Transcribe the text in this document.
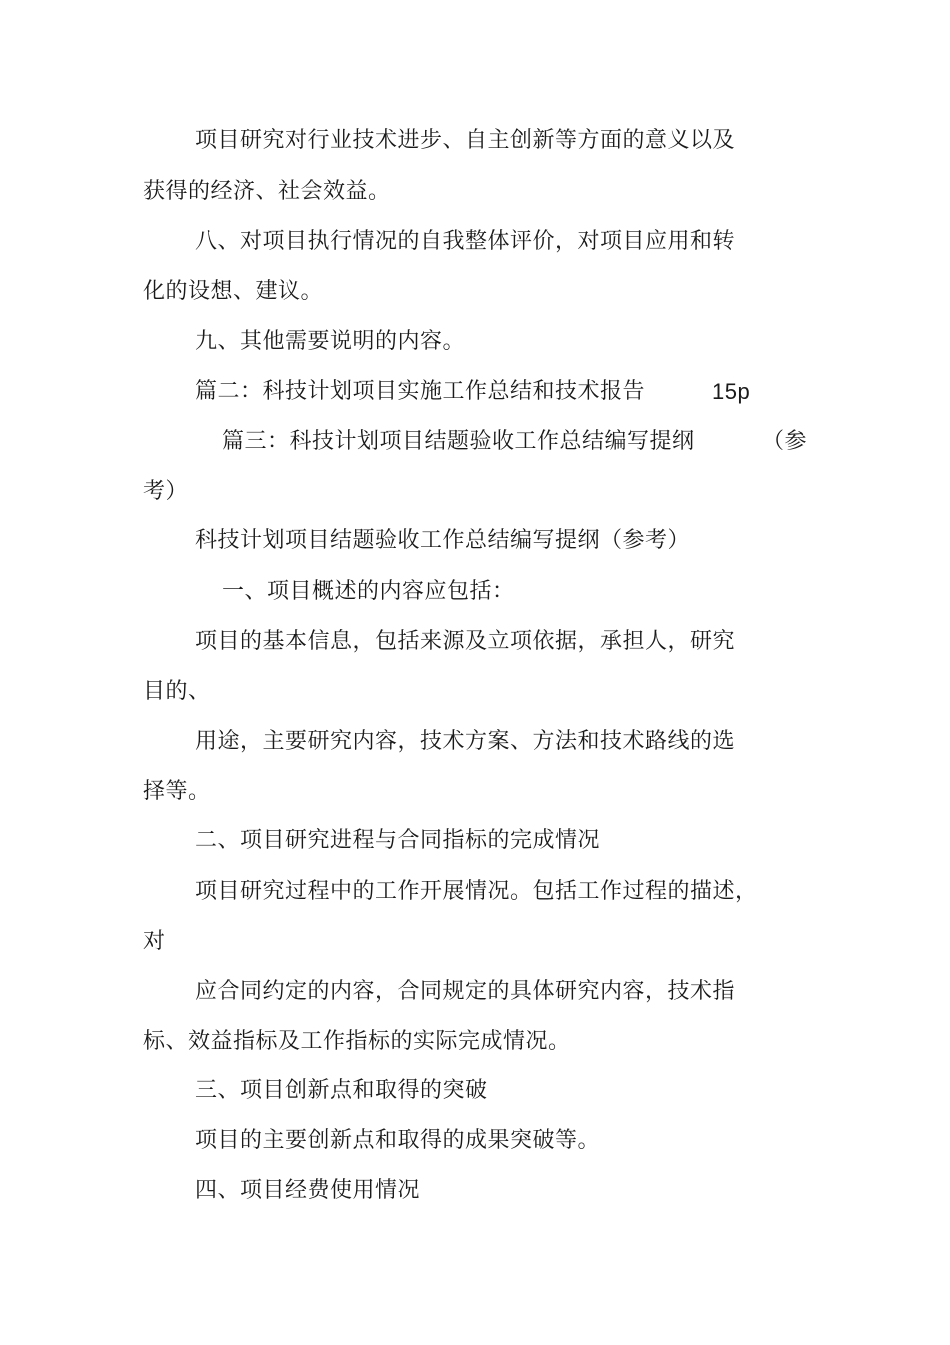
项目研究对行业技术进步、自主创新等方面的意义以及
获得的经济、社会效益。
八、对项目执行情况的自我整体评价，对项目应用和转
化的设想、建议。
九、其他需要说明的内容。
篇二：科技计划项目实施工作总结和技术报告	15p
篇三：科技计划项目结题验收工作总结编写提纲	（参
考）
科技计划项目结题验收工作总结编写提纲（参考）
一、项目概述的内容应包括：
项目的基本信息，包括来源及立项依据，承担人，研究
目的、
用途，主要研究内容，技术方案、方法和技术路线的选
择等。
二、项目研究进程与合同指标的完成情况
项目研究过程中的工作开展情况。包括工作过程的描述，
对
应合同约定的内容，合同规定的具体研究内容，技术指
标、效益指标及工作指标的实际完成情况。
三、项目创新点和取得的突破
项目的主要创新点和取得的成果突破等。
四、项目经费使用情况
